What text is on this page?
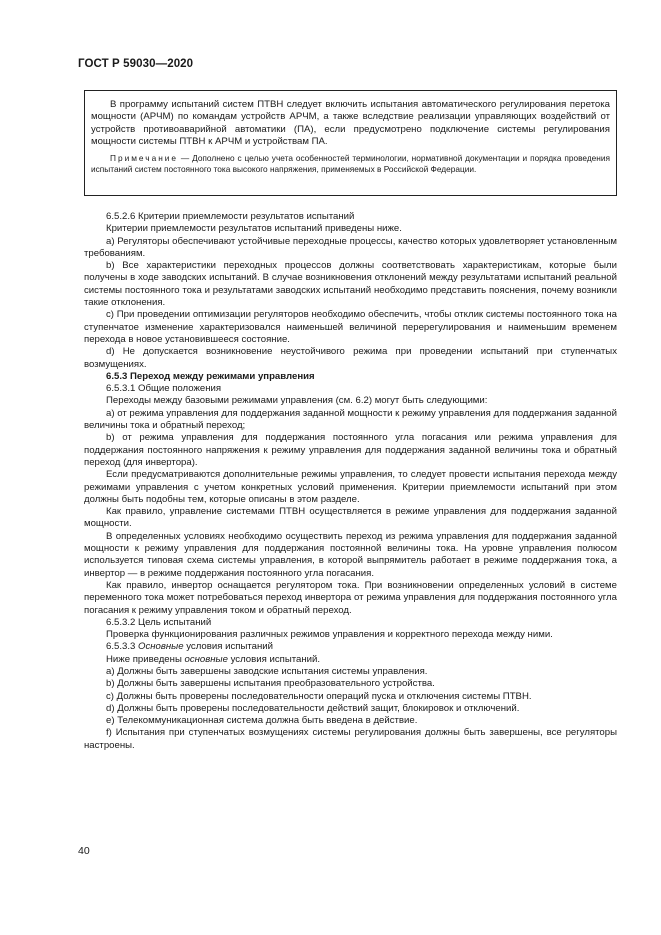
ГОСТ Р 59030—2020

В программу испытаний систем ПТВН следует включить испытания автоматического регулирования перетока мощности (АРЧМ) по командам устройств АРЧМ, а также вследствие реализации управляющих воздействий от устройств противоаварийной автоматики (ПА), если предусмотрено подключение системы регулирования мощности системы ПТВН к АРЧМ и устройствам ПА.

Примечание — Дополнено с целью учета особенностей терминологии, нормативной документации и порядка проведения испытаний систем постоянного тока высокого напряжения, применяемых в Российской Федерации.

6.5.2.6 Критерии приемлемости результатов испытаний

Критерии приемлемости результатов испытаний приведены ниже.

a) Регуляторы обеспечивают устойчивые переходные процессы, качество которых удовлетворяет установленным требованиям.

b) Все характеристики переходных процессов должны соответствовать характеристикам, которые были получены в ходе заводских испытаний. В случае возникновения отклонений между результатами испытаний реальной системы постоянного тока и результатами заводских испытаний необходимо представить пояснения, почему возникли такие отклонения.

c) При проведении оптимизации регуляторов необходимо обеспечить, чтобы отклик системы постоянного тока на ступенчатое изменение характеризовался наименьшей величиной перерегулирования и наименьшим временем перехода в новое установившееся состояние.

d) Не допускается возникновение неустойчивого режима при проведении испытаний при ступенчатых возмущениях.

6.5.3 Переход между режимами управления

6.5.3.1 Общие положения

Переходы между базовыми режимами управления (см. 6.2) могут быть следующими:

a) от режима управления для поддержания заданной мощности к режиму управления для поддержания заданной величины тока и обратный переход;

b) от режима управления для поддержания постоянного угла погасания или режима управления для поддержания постоянного напряжения к режиму управления для поддержания заданной величины тока и обратный переход (для инвертора).

Если предусматриваются дополнительные режимы управления, то следует провести испытания перехода между режимами управления с учетом конкретных условий применения. Критерии приемлемости испытаний при этом должны быть подобны тем, которые описаны в этом разделе.

Как правило, управление системами ПТВН осуществляется в режиме управления для поддержания заданной мощности.

В определенных условиях необходимо осуществить переход из режима управления для поддержания заданной мощности к режиму управления для поддержания постоянной величины тока. На уровне управления полюсом используется типовая схема системы управления, в которой выпрямитель работает в режиме поддержания тока, а инвертор — в режиме поддержания постоянного угла погасания.

Как правило, инвертор оснащается регулятором тока. При возникновении определенных условий в системе переменного тока может потребоваться переход инвертора от режима управления для поддержания постоянного угла погасания к режиму управления током и обратный переход.

6.5.3.2 Цель испытаний

Проверка функционирования различных режимов управления и корректного перехода между ними.

6.5.3.3 Основные условия испытаний

Ниже приведены основные условия испытаний.

a) Должны быть завершены заводские испытания системы управления.

b) Должны быть завершены испытания преобразовательного устройства.

c) Должны быть проверены последовательности операций пуска и отключения системы ПТВН.

d) Должны быть проверены последовательности действий защит, блокировок и отключений.

e) Телекоммуникационная система должна быть введена в действие.

f) Испытания при ступенчатых возмущениях системы регулирования должны быть завершены, все регуляторы настроены.

40
